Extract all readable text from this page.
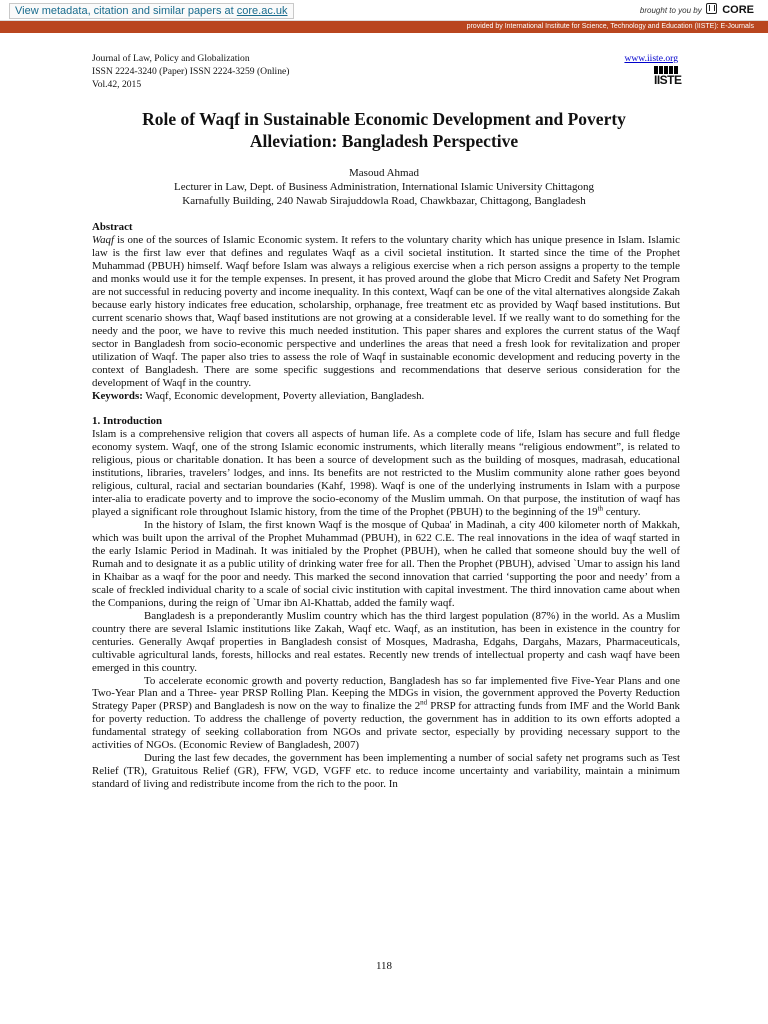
View metadata, citation and similar papers at core.ac.uk	brought to you by CORE
provided by International Institute for Science, Technology and Education (IISTE): E-Journals
Journal of Law, Policy and Globalization
ISSN 2224-3240 (Paper) ISSN 2224-3259 (Online)
Vol.42, 2015
www.iiste.org
IISTE
Role of Waqf in Sustainable Economic Development and Poverty
Alleviation: Bangladesh Perspective
Masoud Ahmad
Lecturer in Law, Dept. of Business Administration, International Islamic University Chittagong
Karnafully Building, 240 Nawab Sirajuddowla Road, Chawkbazar, Chittagong, Bangladesh
Abstract

Waqf is one of the sources of Islamic Economic system. It refers to the voluntary charity which has unique presence in Islam. Islamic law is the first law ever that defines and regulates Waqf as a civil societal institution. It started since the time of the Prophet Muhammad (PBUH) himself. Waqf before Islam was always a religious exercise when a rich person assigns a property to the temple and monks would use it for the temple expenses. In present, it has proved around the globe that Micro Credit and Safety Net Program are not successful in reducing poverty and income inequality. In this context, Waqf can be one of the vital alternatives alongside Zakah because early history indicates free education, scholarship, orphanage, free treatment etc as provided by Waqf based institutions. But current scenario shows that, Waqf based institutions are not growing at a considerable level. If we really want to do something for the needy and the poor, we have to revive this much needed institution. This paper shares and explores the current status of the Waqf sector in Bangladesh from socio-economic perspective and underlines the areas that need a fresh look for revitalization and proper utilization of Waqf. The paper also tries to assess the role of Waqf in sustainable economic development and reducing poverty in the context of Bangladesh. There are some specific suggestions and recommendations that deserve serious consideration for the development of Waqf in the country.

Keywords: Waqf, Economic development, Poverty alleviation, Bangladesh.

1. Introduction

Islam is a comprehensive religion that covers all aspects of human life. As a complete code of life, Islam has secure and full fledge economy system. Waqf, one of the strong Islamic economic instruments, which literally means “religious endowment”, is related to religious, pious or charitable donation. It has been a source of development such as the building of mosques, madrasah, educational institutions, libraries, travelers’ lodges, and inns. Its benefits are not restricted to the Muslim community alone rather goes beyond religious, cultural, racial and sectarian boundaries (Kahf, 1998). Waqf is one of the underlying instruments in Islam with a purpose inter-alia to eradicate poverty and to improve the socio-economy of the Muslim ummah. On that purpose, the institution of waqf has played a significant role throughout Islamic history, from the time of the Prophet (PBUH) to the beginning of the 19th century.

In the history of Islam, the first known Waqf is the mosque of Qubaa' in Madinah, a city 400 kilometer north of Makkah, which was built upon the arrival of the Prophet Muhammad (PBUH), in 622 C.E. The real innovations in the idea of waqf started in the early Islamic Period in Madinah. It was initialed by the Prophet (PBUH), when he called that someone should buy the well of Rumah and to designate it as a public utility of drinking water free for all. Then the Prophet (PBUH), advised `Umar to assign his land in Khaibar as a waqf for the poor and needy. This marked the second innovation that carried ‘supporting the poor and needy’ from a scale of freckled individual charity to a scale of social civic institution with capital investment. The third innovation came about when the Companions, during the reign of `Umar ibn Al-Khattab, added the family waqf.

Bangladesh is a preponderantly Muslim country which has the third largest population (87%) in the world. As a Muslim country there are several Islamic institutions like Zakah, Waqf etc. Waqf, as an institution, has been in existence in the country for centuries. Generally Awqaf properties in Bangladesh consist of Mosques, Madrasha, Edgahs, Dargahs, Mazars, Pharmaceuticals, cultivable agricultural lands, forests, hillocks and real estates. Recently new trends of intellectual property and cash waqf have been emerged in this country.

To accelerate economic growth and poverty reduction, Bangladesh has so far implemented five Five-Year Plans and one Two-Year Plan and a Three- year PRSP Rolling Plan. Keeping the MDGs in vision, the government approved the Poverty Reduction Strategy Paper (PRSP) and Bangladesh is now on the way to finalize the 2nd PRSP for attracting funds from IMF and the World Bank for poverty reduction. To address the challenge of poverty reduction, the government has in addition to its own efforts adopted a fundamental strategy of seeking collaboration from NGOs and private sector, especially by providing necessary support to the activities of NGOs. (Economic Review of Bangladesh, 2007)

During the last few decades, the government has been implementing a number of social safety net programs such as Test Relief (TR), Gratuitous Relief (GR), FFW, VGD, VGFF etc. to reduce income uncertainty and variability, maintain a minimum standard of living and redistribute income from the rich to the poor. In

118
